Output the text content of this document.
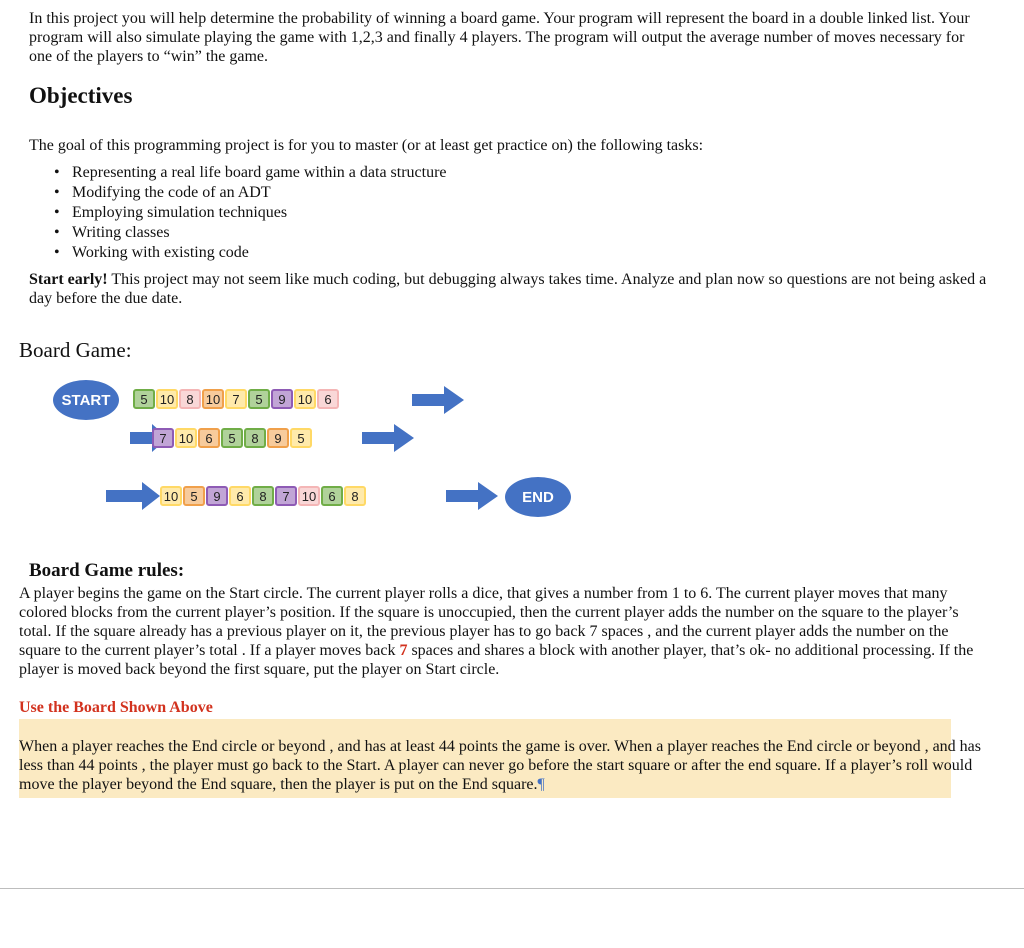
In this project you will help determine the probability of winning a board game. Your program will represent the board in a double linked list. Your program will also simulate playing the game with 1,2,3 and finally 4 players. The program will output the average number of moves necessary for one of the players to “win” the game.
Objectives
The goal of this programming project is for you to master (or at least get practice on) the following tasks:
• Representing a real life board game within a data structure
• Modifying the code of an ADT
• Employing simulation techniques
• Writing classes
• Working with existing code
Start early! This project may not seem like much coding, but debugging always takes time. Analyze and plan now so questions are not being asked a day before the due date.
Board Game:
START	5 10 8 10 7	5	9 10 6
7 10 6	5	8	9	5
10 5	9	6	8	7 10 6	8	END
Board Game rules:
A player begins the game on the Start circle. The current player rolls a dice, that gives a number from 1 to 6. The current player moves that many colored blocks from the current player’s position. If the square is unoccupied, then the current player adds the number on the square to the player’s total. If the square already has a previous player on it, the previous player has to go back 7 spaces , and the current player adds the number on the square to the current player’s total . If a player moves back 7 spaces and shares a block with another player, that’s ok- no additional processing. If the player is moved back beyond the first square, put the player on Start circle.
Use the Board Shown Above
When a player reaches the End circle or beyond , and has at least 44 points the game is over. When a player reaches the End circle or beyond , and has less than 44 points , the player must go back to the Start. A player can never go before the start square or after the end square. If a player’s roll would move the player beyond the End square, then the player is put on the End square.¶
